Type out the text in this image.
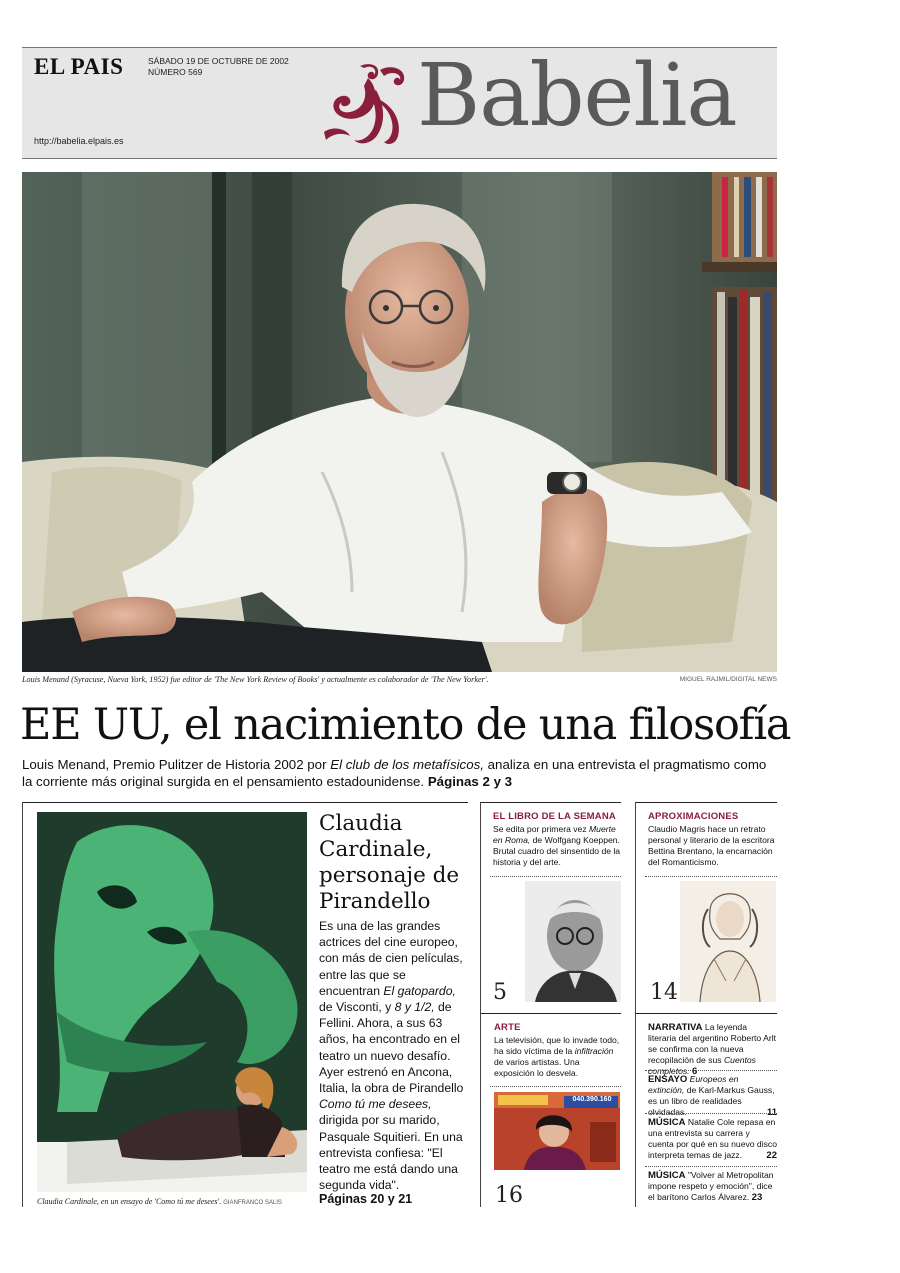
EL PAIS	SÁBADO 19 DE OCTUBRE DE 2002
NÚMERO 569
http://babelia.elpais.es	Babelia
Louis Menand (Syracuse, Nueva York, 1952) fue editor de 'The New York Review of Books' y actualmente es colaborador de 'The New Yorker'.	MIGUEL RAJMIL/DIGITAL NEWS
EE UU, el nacimiento de una filosofía
Louis Menand, Premio Pulitzer de Historia 2002 por El club de los metafísicos, analiza en una entrevista el pragmatismo como la corriente más original surgida en el pensamiento estadounidense. Páginas 2 y 3
Claudia Cardinale, en un ensayo de 'Como tú me desees'. GIANFRANCO SALIS
Claudia Cardinale, personaje de Pirandello
Es una de las grandes actrices del cine europeo, con más de cien películas, entre las que se encuentran El gatopardo, de Visconti, y 8 y 1/2, de Fellini. Ahora, a sus 63 años, ha encontrado en el teatro un nuevo desafío. Ayer estrenó en Ancona, Italia, la obra de Pirandello Como tú me desees, dirigida por su marido, Pasquale Squitieri. En una entrevista confiesa: "El teatro me está dando una segunda vida".
Páginas 20 y 21
EL LIBRO DE LA SEMANA
Se edita por primera vez Muerte en Roma, de Wolfgang Koeppen. Brutal cuadro del sinsentido de la historia y del arte.
5
APROXIMACIONES
Claudio Magris hace un retrato personal y literario de la escritora Bettina Brentano, la encarnación del Romanticismo.
14
ARTE
La televisión, que lo invade todo, ha sido víctima de la infiltración de varios artistas. Una exposición lo desvela.
040.390.160
16
NARRATIVA La leyenda literaria del argentino Roberto Arlt se confirma con la nueva recopilación de sus Cuentos completos. 6
ENSAYO Europeos en extinción, de Karl-Markus Gauss, es un libro de realidades olvidadas.	11
MÚSICA Natalie Cole repasa en una entrevista su carrera y cuenta por qué en su nuevo disco interpreta temas de jazz.	22
MÚSICA "Volver al Metropolitan impone respeto y emoción", dice el barítono Carlos Álvarez. 23
